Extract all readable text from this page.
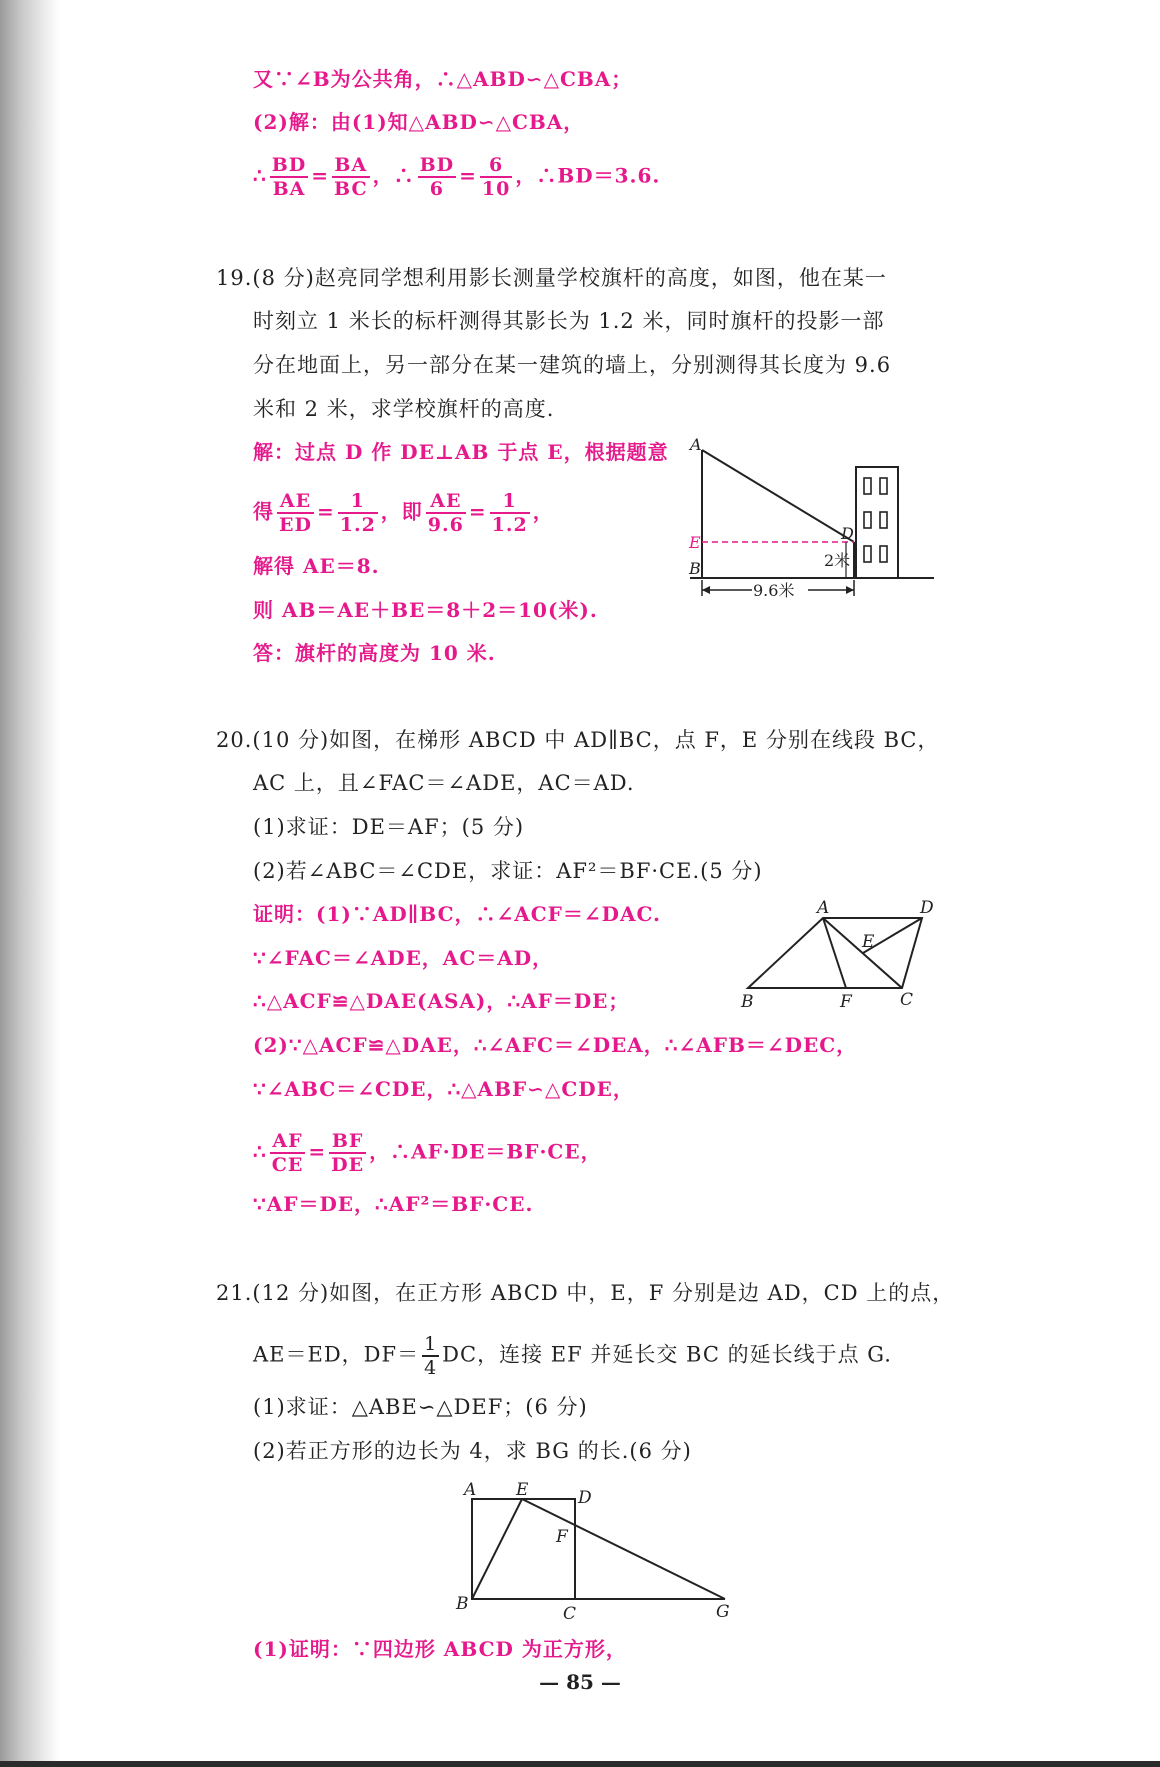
又∵∠B为公共角，∴△ABD∽△CBA；
(2)解：由(1)知△ABD∽△CBA，
∴ $\frac{BD}{BA} = \frac{BA}{BC}$ ，∴ $\frac{BD}{6} = \frac{6}{10}$ ，∴BD＝3.6.
19.(8 分)赵亮同学想利用影长测量学校旗杆的高度，如图，他在某一
时刻立 1 米长的标杆测得其影长为 1.2 米，同时旗杆的投影一部
分在地面上，另一部分在某一建筑的墙上，分别测得其长度为 9.6
米和 2 米，求学校旗杆的高度.
解：过点 D 作 DE⊥AB 于点 E，根据题意
得 $\frac{AE}{ED} = \frac{1}{1.2}$ ，即 $\frac{AE}{9.6} = \frac{1}{1.2}$ ，
解得 AE＝8.
则 AB＝AE＋BE＝8＋2＝10(米).
答：旗杆的高度为 10 米.
9.6米
2米
A
E
B
D
20.(10 分)如图，在梯形 ABCD 中 AD∥BC，点 F，E 分别在线段 BC，
AC 上，且∠FAC＝∠ADE，AC＝AD.
(1)求证：DE＝AF；(5 分)
(2)若∠ABC＝∠CDE，求证：AF²＝BF·CE.(5 分)
证明：(1)∵AD∥BC，∴∠ACF＝∠DAC.
∵∠FAC＝∠ADE，AC＝AD，
∴△ACF≌△DAE(ASA)，∴AF＝DE；
(2)∵△ACF≌△DAE，∴∠AFC＝∠DEA，∴∠AFB＝∠DEC，
∵∠ABC＝∠CDE，∴△ABF∽△CDE，
∴ $\frac{AF}{CE} = \frac{BF}{DE}$ ，∴AF·DE＝BF·CE，
∵AF＝DE，∴AF²＝BF·CE.
A	D
E
B	F	C
21.(12 分)如图，在正方形 ABCD 中，E，F 分别是边 AD，CD 上的点，
AE＝ED，$DF= \frac{1}{4}$ DC，连接 EF 并延长交 BC 的延长线于点 G.
(1)求证：△ABE∽△DEF；(6 分)
(2)若正方形的边长为 4，求 BG 的长.(6 分)
A E	D
F
B	C	G
(1)证明：∵四边形 ABCD 为正方形，
— 85 —
